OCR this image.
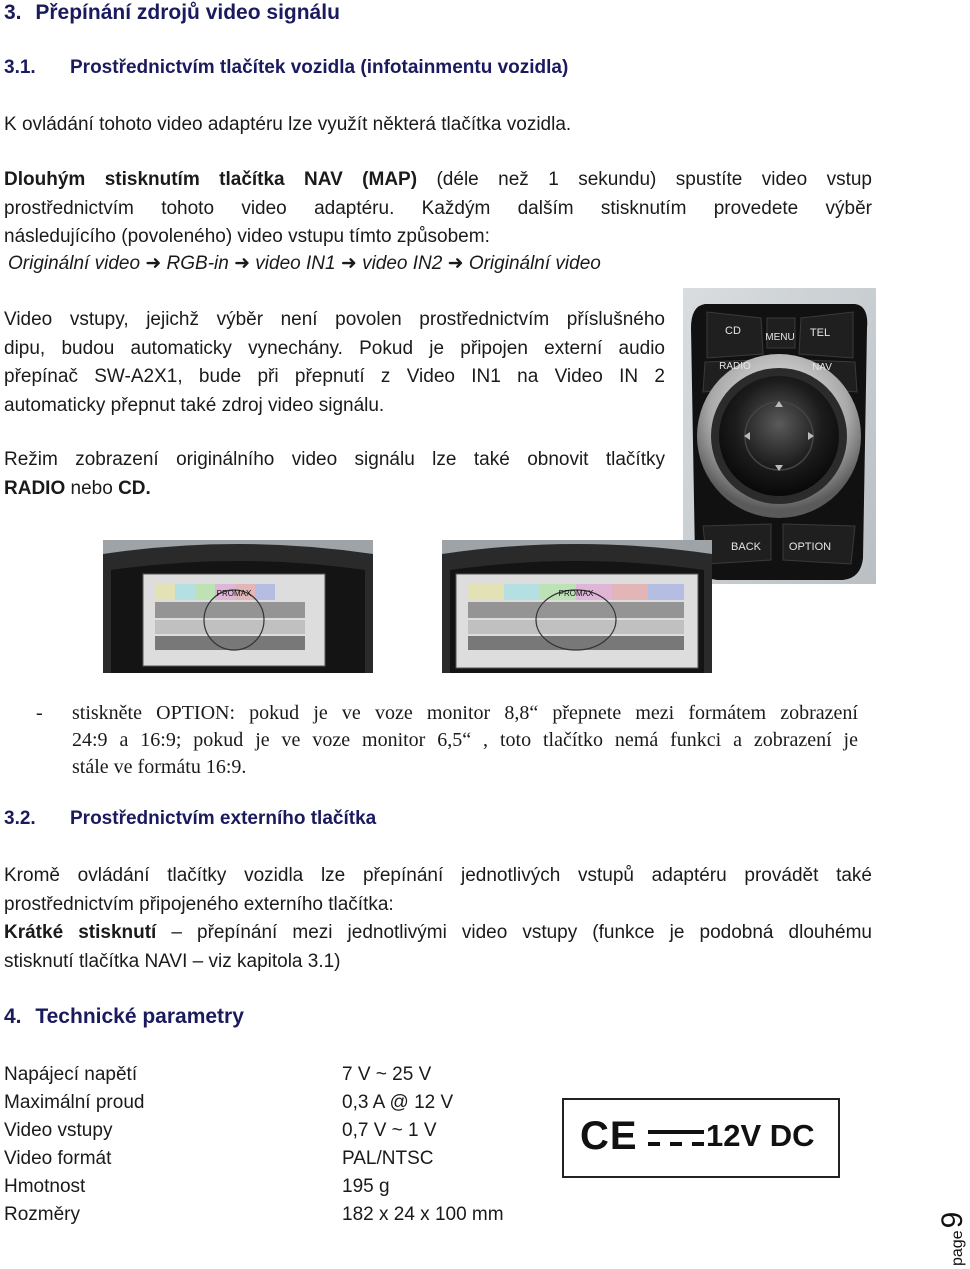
3. Přepínání zdrojů video signálu
3.1. Prostřednictvím tlačítek vozidla (infotainmentu vozidla)
K ovládání tohoto video adaptéru lze využít některá tlačítka vozidla.
Dlouhým stisknutím tlačítka NAV (MAP) (déle než 1 sekundu) spustíte video vstup
prostřednictvím tohoto video adaptéru. Každým dalším stisknutím provedete výběr
následujícího (povoleného) video vstupu tímto způsobem:
Originální video ➜ RGB-in ➜ video IN1 ➜ video IN2 ➜ Originální video
Video vstupy, jejichž výběr není povolen prostřednictvím příslušného
dipu, budou automaticky vynechány. Pokud je připojen externí audio
přepínač SW-A2X1, bude při přepnutí z Video IN1 na Video IN 2
automaticky přepnut také zdroj video signálu.
Režim zobrazení originálního video signálu lze také obnovit tlačítky
RADIO nebo CD.
CD
MENU TEL
RADIO	NAV
BACK	OPTION
PROMAX	PROMAX
- stiskněte OPTION: pokud je ve voze monitor 8,8“ přepnete mezi formátem zobrazení
24:9 a 16:9; pokud je ve voze monitor 6,5“ , toto tlačítko nemá funkci a zobrazení je
stále ve formátu 16:9.
3.2. Prostřednictvím externího tlačítka
Kromě ovládání tlačítky vozidla lze přepínání jednotlivých vstupů adaptéru provádět také
prostřednictvím připojeného externího tlačítka:
Krátké stisknutí – přepínání mezi jednotlivými video vstupy (funkce je podobná dlouhému
stisknutí tlačítka NAVI – viz kapitola 3.1)
4. Technické parametry
Napájecí napětí	7 V ~ 25 V
Maximální proud	0,3 A @ 12 V
Video vstupy	0,7 V ~ 1 V
Video formát	PAL/NTSC
Hmotnost	195 g
Rozměry	182 x 24 x 100 mm
CE 12V DC
page9
